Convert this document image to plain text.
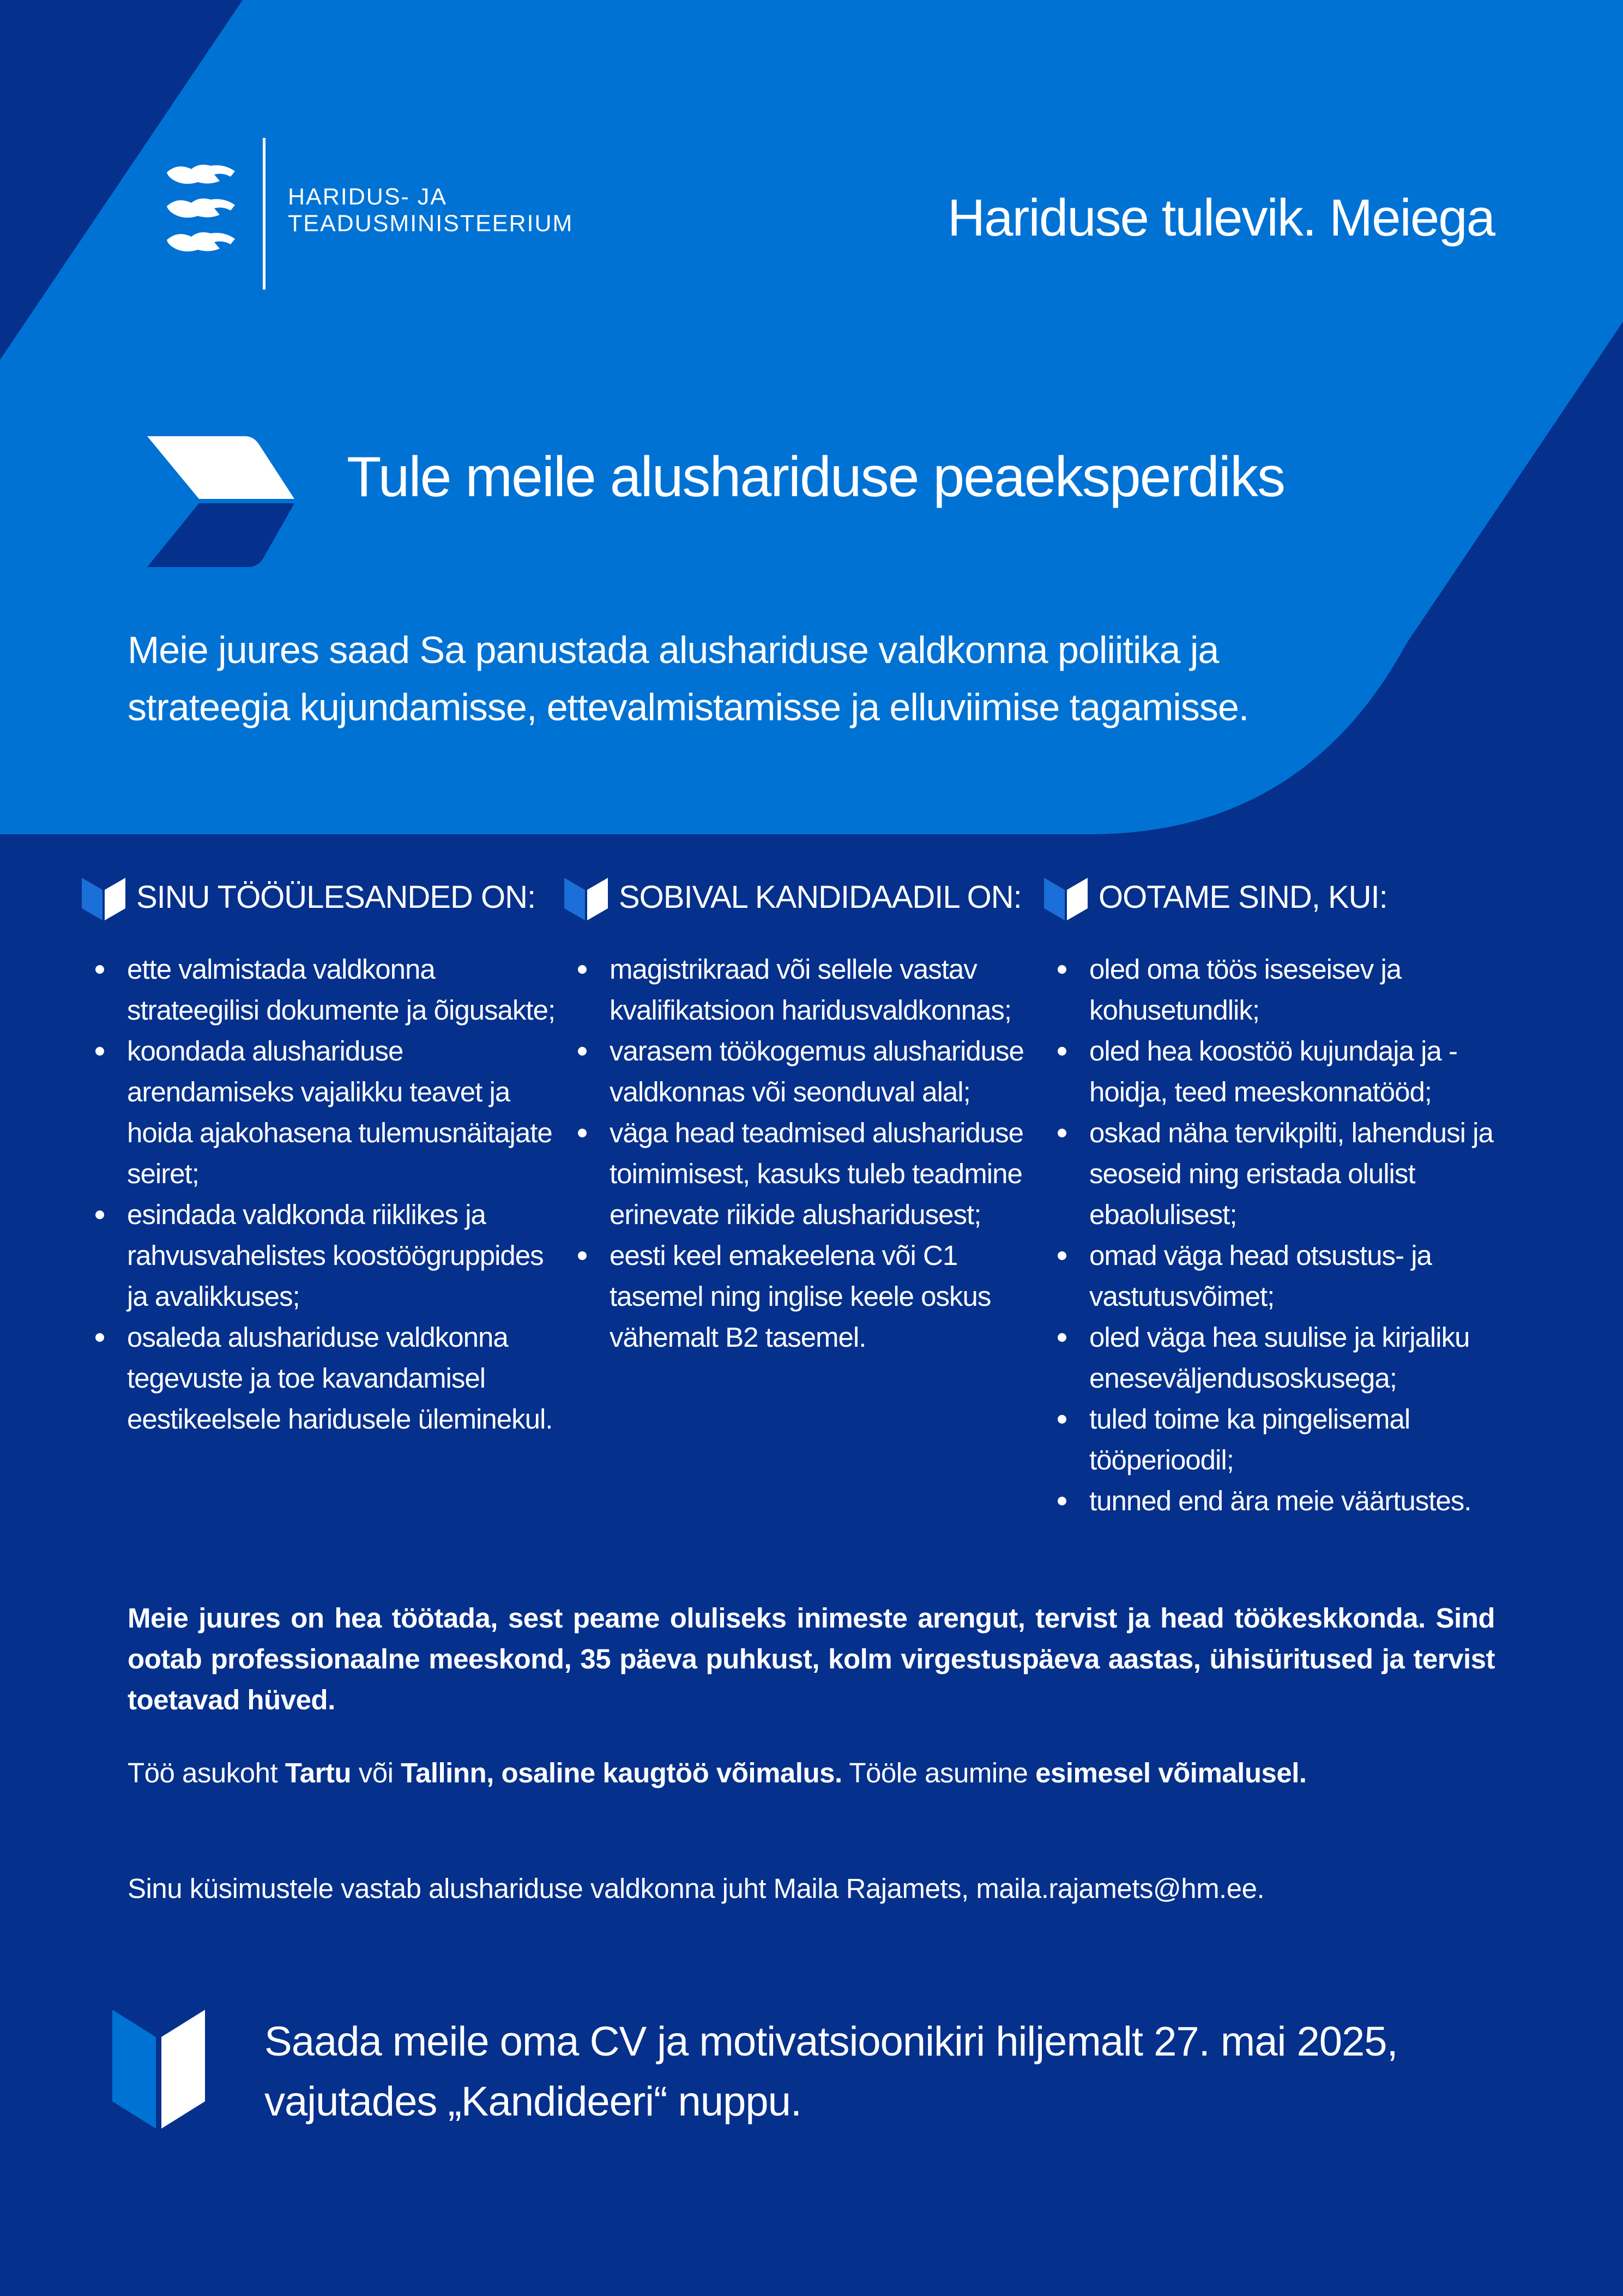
HARIDUS- JA
TEADUSMINISTEERIUM	Hariduse tulevik. Meiega
Tule meile alushariduse peaeksperdiks
Meie juures saad Sa panustada alushariduse valdkonna poliitika ja strateegia kujundamisse, ettevalmistamisse ja elluviimise tagamisse.
SINU TÖÖÜLESANDED ON:
ette valmistada valdkonna strateegilisi dokumente ja õigusakte;
koondada alushariduse arendamiseks vajalikku teavet ja hoida ajakohasena tulemusnäitajate seiret;
esindada valdkonda riiklikes ja rahvusvahelistes koostöögruppides ja avalikkuses;
osaleda alushariduse valdkonna tegevuste ja toe kavandamisel eestikeelsele haridusele üleminekul.
SOBIVAL KANDIDAADIL ON:
magistrikraad või sellele vastav kvalifikatsioon haridusvaldkonnas;
varasem töökogemus alushariduse valdkonnas või seonduval alal;
väga head teadmised alushariduse toimimisest, kasuks tuleb teadmine erinevate riikide alusharidusest;
eesti keel emakeelena või C1 tasemel ning inglise keele oskus vähemalt B2 tasemel.
OOTAME SIND, KUI:
oled oma töös iseseisev ja kohusetundlik;
oled hea koostöö kujundaja ja -hoidja, teed meeskonnatööd;
oskad näha tervikpilti, lahendusi ja seoseid ning eristada olulist ebaolulisest;
omad väga head otsustus- ja vastutusvõimet;
oled väga hea suulise ja kirjaliku eneseväljendusoskusega;
tuled toime ka pingelisemal tööperioodil;
tunned end ära meie väärtustes.
Meie juures on hea töötada, sest peame oluliseks inimeste arengut, tervist ja head töökeskkonda. Sind ootab professionaalne meeskond, 35 päeva puhkust, kolm virgestuspäeva aastas, ühisüritused ja tervist toetavad hüved.
Töö asukoht Tartu või Tallinn, osaline kaugtöö võimalus. Tööle asumine esimesel võimalusel.
Sinu küsimustele vastab alushariduse valdkonna juht Maila Rajamets, maila.rajamets@hm.ee.
Saada meile oma CV ja motivatsioonikiri hiljemalt 27. mai 2025,
vajutades „Kandideeri“ nuppu.
